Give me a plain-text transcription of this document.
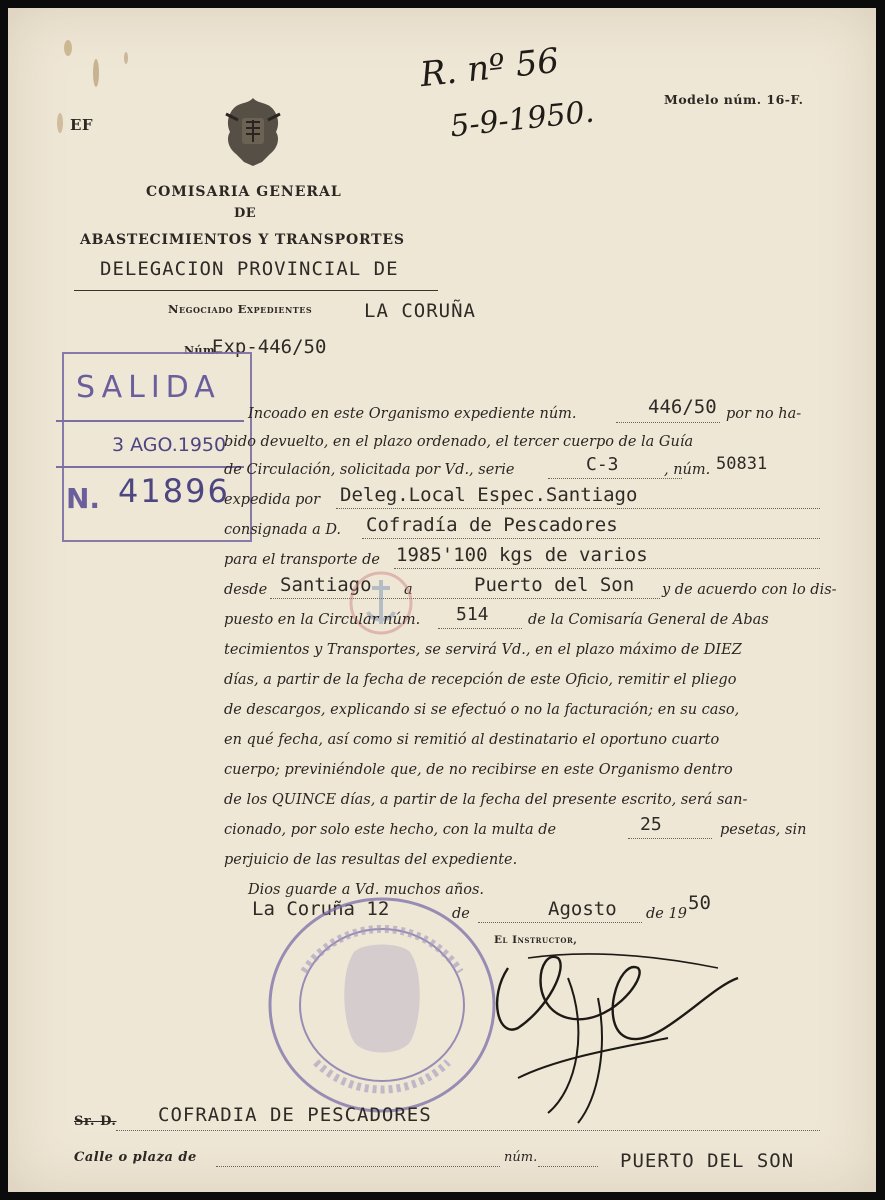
EF
R. nº 56
5-9-1950.	Modelo núm. 16-F.
COMISARIA GENERAL
DE
ABASTECIMIENTOS Y TRANSPORTES
DELEGACION PROVINCIAL DE
Negociado Expedientes	LA CORUÑA
Núm.
Exp-446/50
SALIDA
3 AGO.1950
N. 41896
Incoado en este Organismo expediente núm.	446/50 por no ha-
bido devuelto, en el plazo ordenado, el tercer cuerpo de la Guía
de Circulación, solicitada por Vd., serie	C-3	, núm. 50831
expedida por Deleg.Local Espec.Santiago
consignada a D. Cofradía de Pescadores
para el transporte de 1985'100 kgs de varios
desde Santiago a	Puerto del Son y de acuerdo con lo dis-
puesto en la Circular núm. 514	de la Comisaría General de Abas
tecimientos y Transportes, se servirá Vd., en el plazo máximo de DIEZ
días, a partir de la fecha de recepción de este Oficio, remitir el pliego
de descargos, explicando si se efectuó o no la facturación; en su caso,
en qué fecha, así como si remitió al destinatario el oportuno cuarto
cuerpo; previniéndole que, de no recibirse en este Organismo dentro
de los QUINCE días, a partir de la fecha del presente escrito, será san-
cionado, por solo este hecho, con la multa de	25	pesetas, sin
perjuicio de las resultas del expediente.
Dios guarde a Vd. muchos años.
La Coruña 12	de	Agosto de 19 50
El Instructor,
Sr. D. COFRADIA DE PESCADORES
Calle o plaza de	núm.	PUERTO DEL SON
